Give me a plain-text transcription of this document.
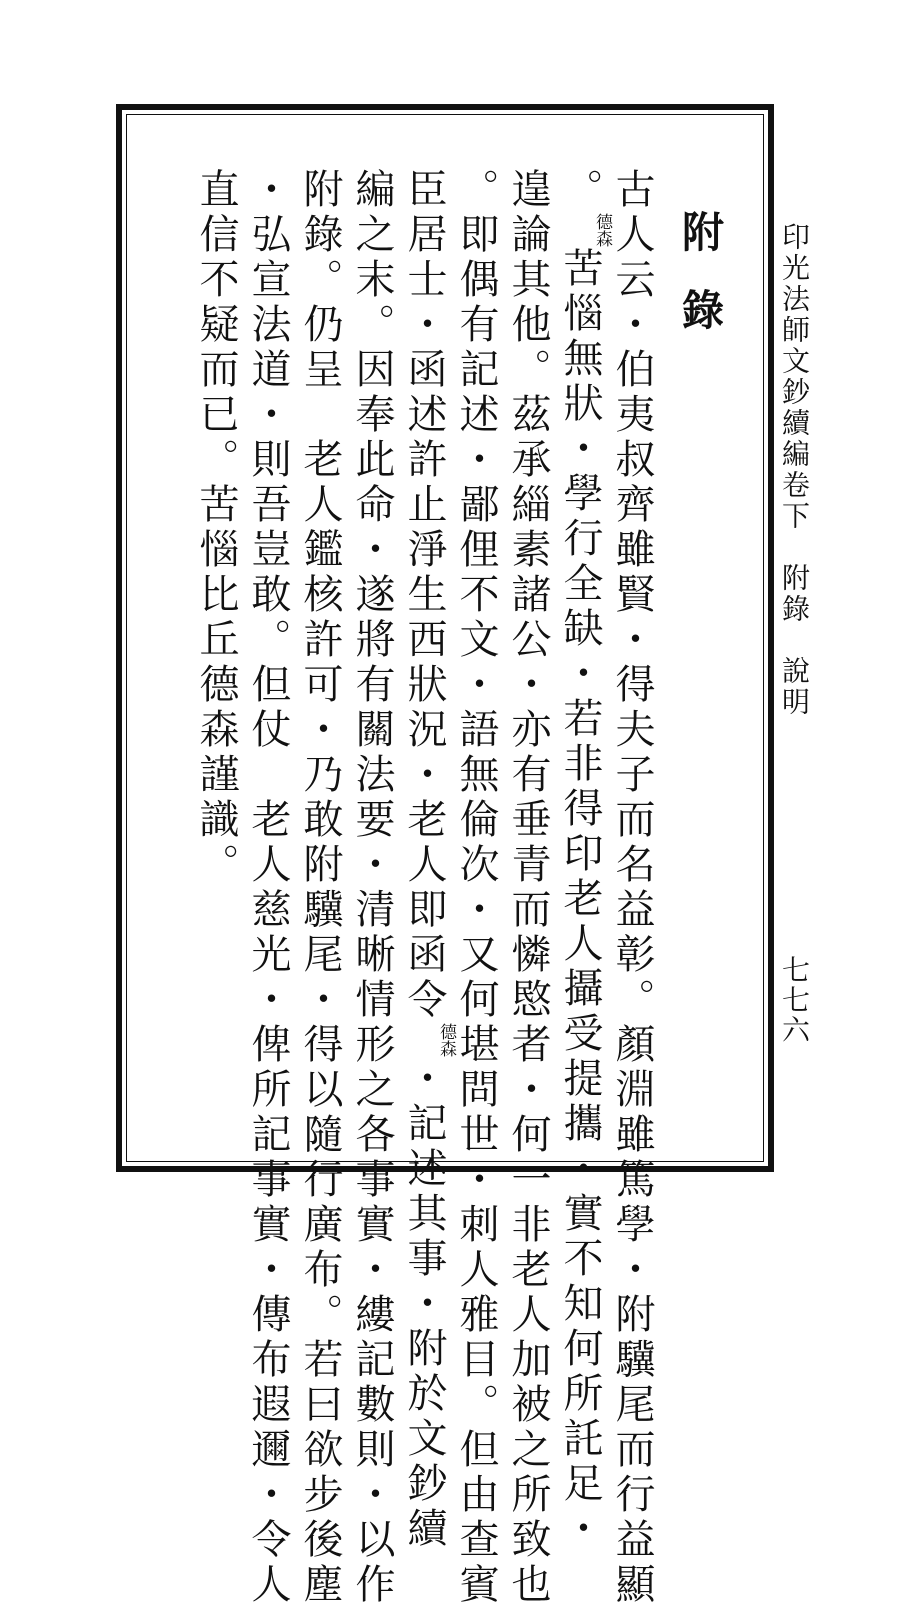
印光法師文鈔續編卷下　附錄　說明
七七六
附錄
古人云・伯夷叔齊雖賢・得夫子而名益彰。顏淵雖篤學・附驥尾而行益顯
。德森苦惱無狀・學行全缺・若非得印老人攝受提攜・實不知何所託足・
遑論其他。茲承緇素諸公・亦有垂青而憐愍者・何一非老人加被之所致也
。即偶有記述・鄙俚不文・語無倫次・又何堪問世・刺人雅目。但由查賓
臣居士・函述許止淨生西狀況・老人即函令德森・記述其事・附於文鈔續
編之末。因奉此命・遂將有關法要・清晰情形之各事實・縷記數則・以作
附錄。仍呈　老人鑑核許可・乃敢附驥尾・得以隨行廣布。若曰欲步後塵
・弘宣法道・則吾豈敢。但仗　老人慈光・俾所記事實・傳布遐邇・令人
直信不疑而已。苦惱比丘德森謹識。
